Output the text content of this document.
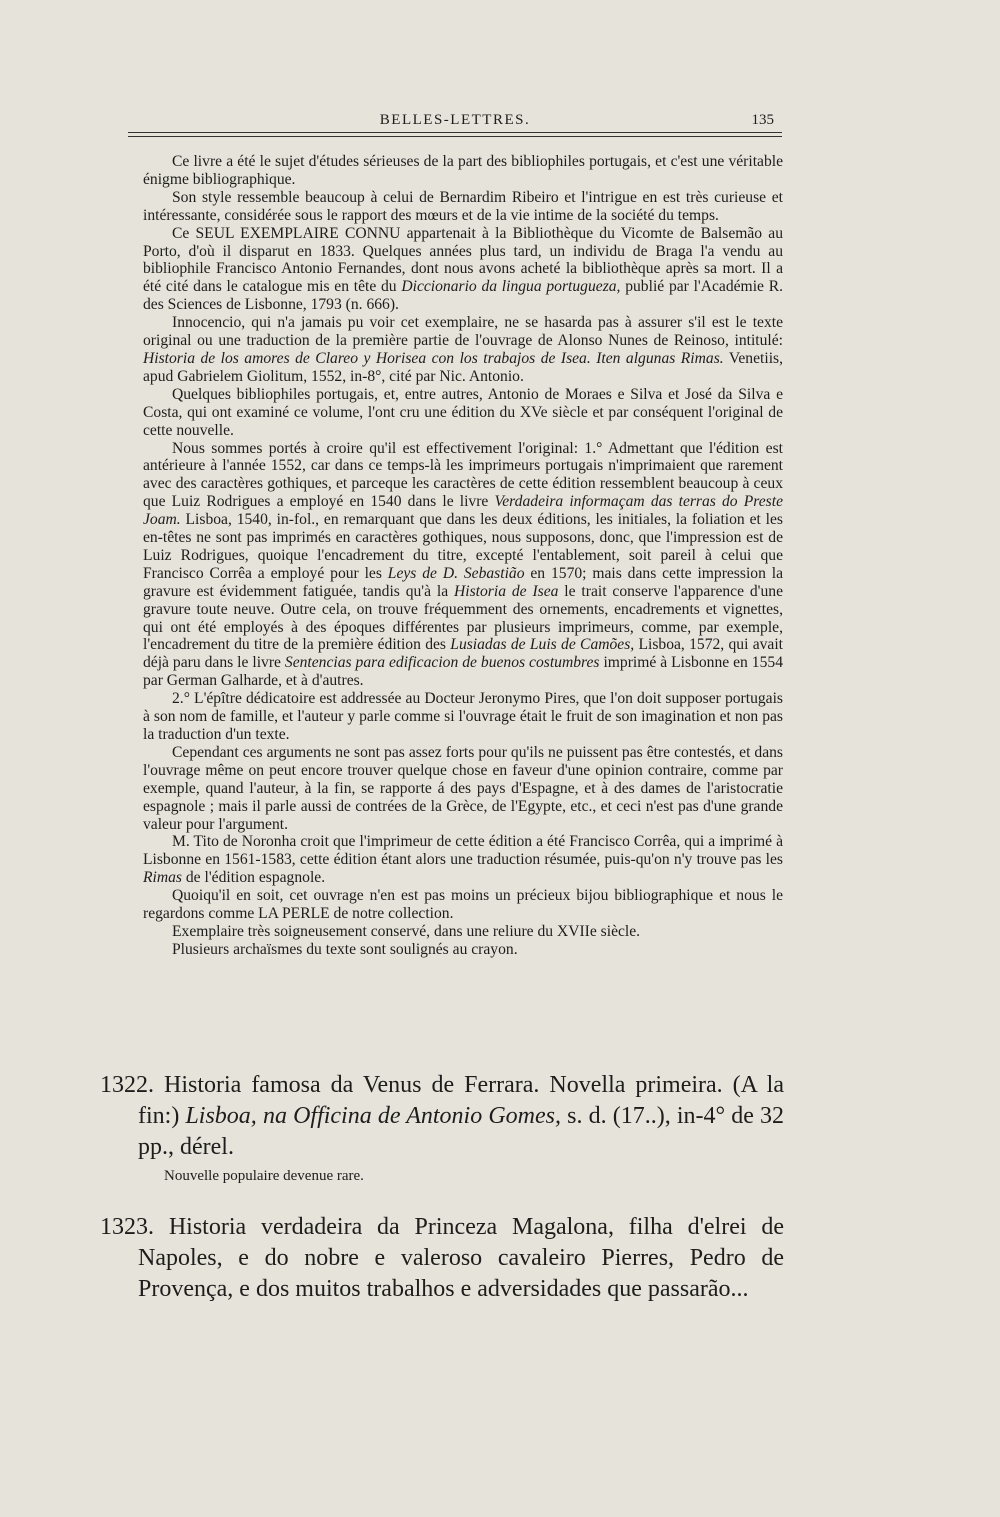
BELLES-LETTRES.	135

Ce livre a été le sujet d'études sérieuses de la part des bibliophiles portugais, et c'est une véritable énigme bibliographique.

Son style ressemble beaucoup à celui de Bernardim Ribeiro et l'intrigue en est très curieuse et intéressante, considérée sous le rapport des mœurs et de la vie intime de la société du temps.

Ce SEUL EXEMPLAIRE CONNU appartenait à la Bibliothèque du Vicomte de Balsemão au Porto, d'où il disparut en 1833. Quelques années plus tard, un individu de Braga l'a vendu au bibliophile Francisco Antonio Fernandes, dont nous avons acheté la bibliothèque après sa mort. Il a été cité dans le catalogue mis en tête du Diccionario da lingua portugueza, publié par l'Académie R. des Sciences de Lisbonne, 1793 (n. 666).

Innocencio, qui n'a jamais pu voir cet exemplaire, ne se hasarda pas à assurer s'il est le texte original ou une traduction de la première partie de l'ouvrage de Alonso Nunes de Reinoso, intitulé: Historia de los amores de Clareo y Horisea con los trabajos de Isea. Iten algunas Rimas. Venetiis, apud Gabrielem Giolitum, 1552, in-8°, cité par Nic. Antonio.

Quelques bibliophiles portugais, et, entre autres, Antonio de Moraes e Silva et José da Silva e Costa, qui ont examiné ce volume, l'ont cru une édition du XVe siècle et par conséquent l'original de cette nouvelle.

Nous sommes portés à croire qu'il est effectivement l'original: 1.° Admettant que l'édition est antérieure à l'année 1552, car dans ce temps-là les imprimeurs portugais n'imprimaient que rarement avec des caractères gothiques, et parceque les caractères de cette édition ressemblent beaucoup à ceux que Luiz Rodrigues a employé en 1540 dans le livre Verdadeira informaçam das terras do Preste Joam. Lisboa, 1540, in-fol., en remarquant que dans les deux éditions, les initiales, la foliation et les en-têtes ne sont pas imprimés en caractères gothiques, nous supposons, donc, que l'impression est de Luiz Rodrigues, quoique l'encadrement du titre, excepté l'entablement, soit pareil à celui que Francisco Corrêa a employé pour les Leys de D. Sebastião en 1570; mais dans cette impression la gravure est évidemment fatiguée, tandis qu'à la Historia de Isea le trait conserve l'apparence d'une gravure toute neuve. Outre cela, on trouve fréquemment des ornements, encadrements et vignettes, qui ont été employés à des époques différentes par plusieurs imprimeurs, comme, par exemple, l'encadrement du titre de la première édition des Lusiadas de Luis de Camões, Lisboa, 1572, qui avait déjà paru dans le livre Sentencias para edificacion de buenos costumbres imprimé à Lisbonne en 1554 par German Galharde, et à d'autres.

2.° L'épître dédicatoire est addressée au Docteur Jeronymo Pires, que l'on doit supposer portugais à son nom de famille, et l'auteur y parle comme si l'ouvrage était le fruit de son imagination et non pas la traduction d'un texte.

Cependant ces arguments ne sont pas assez forts pour qu'ils ne puissent pas être contestés, et dans l'ouvrage même on peut encore trouver quelque chose en faveur d'une opinion contraire, comme par exemple, quand l'auteur, à la fin, se rapporte á des pays d'Espagne, et à des dames de l'aristocratie espagnole ; mais il parle aussi de contrées de la Grèce, de l'Egypte, etc., et ceci n'est pas d'une grande valeur pour l'argument.

M. Tito de Noronha croit que l'imprimeur de cette édition a été Francisco Corrêa, qui a imprimé à Lisbonne en 1561-1583, cette édition étant alors une traduction résumée, puis-qu'on n'y trouve pas les Rimas de l'édition espagnole.

Quoiqu'il en soit, cet ouvrage n'en est pas moins un précieux bijou bibliographique et nous le regardons comme LA PERLE de notre collection.

Exemplaire très soigneusement conservé, dans une reliure du XVIIe siècle.

Plusieurs archaïsmes du texte sont soulignés au crayon.

1322. Historia famosa da Venus de Ferrara. Novella primeira. (A la fin:) Lisboa, na Officina de Antonio Gomes, s. d. (17..), in-4° de 32 pp., dérel.
Nouvelle populaire devenue rare.
1323. Historia verdadeira da Princeza Magalona, filha d'elrei de Napoles, e do nobre e valeroso cavaleiro Pierres, Pedro de Provença, e dos muitos trabalhos e adversidades que passarão...
